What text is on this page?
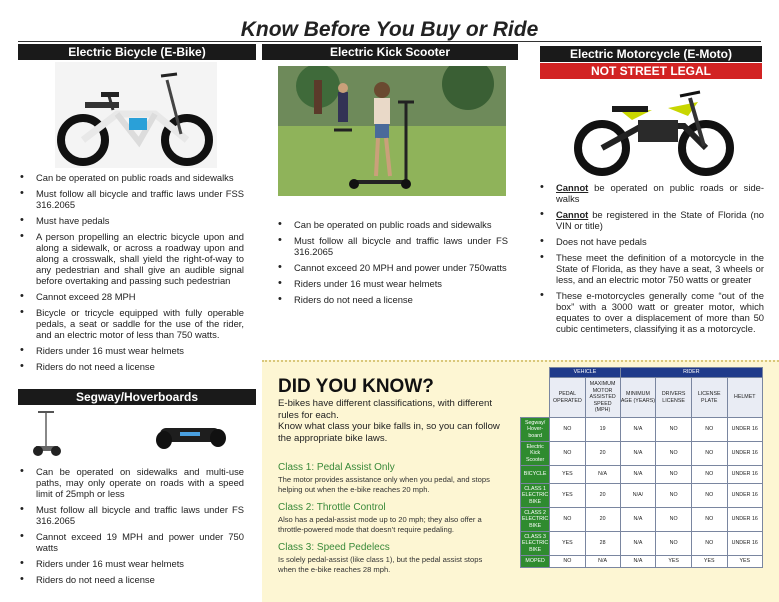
Know Before You Buy or Ride
Electric Bicycle (E-Bike)
• Can be operated on public roads and sidewalks
• Must follow all bicycle and traffic laws under FSS 316.2065
• Must have pedals
• A person propelling an electric bicycle upon and along a sidewalk, or across a roadway upon and along a crosswalk, shall yield the right-of-way to any pedestrian and shall give an audible signal before overtaking and passing such pedestrian
• Cannot exceed 28 MPH
• Bicycle or tricycle equipped with fully operable pedals, a seat or saddle for the use of the rider, and an electric motor of less than 750 watts.
• Riders under 16 must wear helmets
• Riders do not need a license
Segway/Hoverboards
• Can be operated on sidewalks and multi-use paths, may only operate on roads with a speed limit of 25mph or less
• Must follow all bicycle and traffic laws under FS 316.2065
• Cannot exceed 19 MPH and power under 750 watts
• Riders under 16 must wear helmets
• Riders do not need a license
Electric Kick Scooter
• Can be operated on public roads and sidewalks
• Must follow all bicycle and traffic laws under FS 316.2065
• Cannot exceed 20 MPH and power under 750watts
• Riders under 16 must wear helmets
• Riders do not need a license
Electric Motorcycle (E-Moto)
NOT STREET LEGAL
• Cannot be operated on public roads or side-walks
• Cannot be registered in the State of Florida (no VIN or title)
• Does not have pedals
• These meet the definition of a motorcycle in the State of Florida, as they have a seat, 3 wheels or less, and an electric motor 750 watts or greater
• These e-motorcycles generally come “out of the box” with a 3000 watt or greater motor, which equates to over a displacement of more than 50 cubic centimeters, classifying it as a motorcycle.
DID YOU KNOW?
E-bikes have different classifications, with different rules for each.
Know what class your bike falls in, so you can follow the appropriate bike laws.
Class 1: Pedal Assist Only
The motor provides assistance only when you pedal, and stops helping out when the e-bike reaches 20 mph.
Class 2: Throttle Control
Also has a pedal-assist mode up to 20 mph; they also offer a throttle-powered mode that doesn’t require pedaling.
Class 3: Speed Pedelecs
Is solely pedal-assist (like class 1), but the pedal assist stops when the e-bike reaches 28 mph.
	VEHICLE		RIDER			
	PEDAL OPERATED	MAXIMUM MOTOR ASSISTED SPEED (MPH)	MINIMUM AGE (YEARS)	DRIVERS LICENSE	LICENSE PLATE	HELMET
Segway/ Hover-board	NO	19	N/A	NO	NO	UNDER 16
Electric Kick Scooter	NO	20	N/A	NO	NO	UNDER 16
BICYCLE	YES	N/A	N/A	NO	NO	UNDER 16
CLASS 1 ELECTRIC BIKE	YES	20	N/A/	NO	NO	UNDER 16
CLASS 2 ELECTRIC BIKE	NO	20	N/A	NO	NO	UNDER 16
CLASS 3 ELECTRIC BIKE	YES	28	N/A	NO	NO	UNDER 16
MOPED	NO	N/A	N/A	YES	YES	YES
